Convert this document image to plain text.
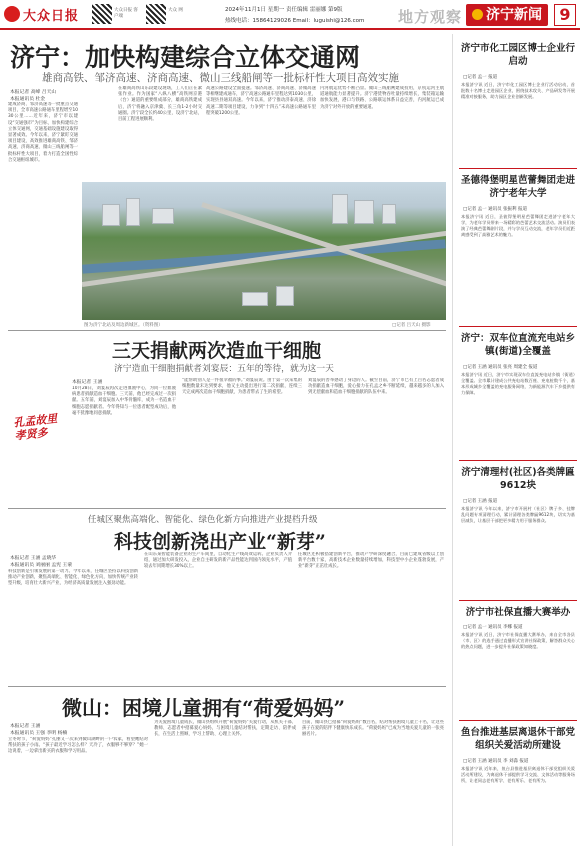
大众日报	大众日报 客户端
大众 网	2024年11月1日 星期一 责任编辑 雷丽娜 第9版
热线电话：15864129026 Email：luguishi@126.com 地方观察	济宁新闻	9
济宁：加快构建综合立体交通网
雄商高铁、邹济高速、济商高速、微山三线船闸等一批标杆性大项目高效实施
本报记者 高峰 吕天山
本报通讯员 杜金
建成济商、邹济高速等一批重点交通项目，全市高速公路通车里程增至1030公里……近年来，济宁市以建设“交通强市”为目标，加快构建综合立体交通网，交通基础设施建设取得显著成效。今年以来，济宁紧盯交通项目建设，高效推进雄商高铁、邹济高速、济商高速、微山三线船闸等一批标杆性大项目，着力打造全国性综合交通枢纽城市。
在雄商高铁山东段建设现场，工人们正在紧张作业。作为国家“八纵八横”高铁网京港（台）通道的重要组成部分，雄商高铁建成后，济宁将融入京津冀、长三角1-2小时交通圈。济宁段全长约40公里，设济宁北站，目前工程进展顺利。
高速公路建设全面提速。邹济高速、济商高速、济微高速等相继建成通车，济宁高速公路通车里程达到1030公里，实现县县通双高速。今年以来，济宁推动济泰高速、济徐高速二期等项目建设，力争到“十四五”末高速公路通车里程突破1200公里。
内河航运优势不断凸显。微山三线船闸建成投用，京杭运河主航道通航能力显著提升。济宁港货物吞吐量持续增长，集装箱运输加快发展，港口与铁路、公路联运体系日益完善，内河航运已成为济宁对外开放的重要通道。
图为济宁北站及周边新城区。（资料图）	□记者 吕天山 摄影
孔孟故里 孝贤多
三天捐献两次造血干细胞
济宁造血干细胞捐献者刘宴辰：五年的等待，就为这一天
本报记者 王涵
10月28日，刘宴辰再次走进血液中心，为同一位血液病患者捐献造血干细胞。三天前，他已经完成过一次捐献。五年前，刘宴辰加入中华骨髓库，成为一名造血干细胞志愿捐献者。今年得知与一位患者配型成功后，他毫不犹豫地同意捐献。
“能帮助别人是一件很幸福的事。”刘宴辰说。由于第一次采集的细胞数量未达到要求，他又主动提出进行第二次捐献，连续三天完成两次造血干细胞捐献，为患者带去了生的希望。
刘宴辰的善举感动了身边的人。截至目前，济宁市已有上百名志愿者成功捐献造血干细胞，爱心接力在孔孟之乡不断延续，越来越多的人加入到无偿献血和造血干细胞捐献的队伍中来。
任城区聚焦高端化、智能化、绿色化新方向推进产业提档升级
科技创新浇出产业“新芽”
本报记者 王涵 孟晓华
本报通讯员 刘丽丽 孟宪 王蒙
科技创新是引领发展的第一动力。今年以来，任城区坚持以科技创新推动产业创新，聚焦高端化、智能化、绿色化方向，加快传统产业转型升级，培育壮大新兴产业，为经济高质量发展注入强劲动能。
在山东某智能装备企业的生产车间里，自动化生产线高效运转。企业负责人介绍，通过加大研发投入，企业自主研发的新产品性能达到国内领先水平，产值较去年同期增长30%以上。
任城区还积极搭建创新平台，推动产学研深度融合，目前已建成省级以上创新平台数十家，高新技术企业数量持续增加，科技型中小企业蓬勃发展，产业“新芽”正茁壮成长。
微山：困境儿童拥有“荷爱妈妈”
本报记者 王涵
本报通讯员 王强 李明 杨楠
立冬时节，“荷爱妈妈”孔丽又一次来到微山湖畔的一户农家，看望她结对帮扶的孩子小雨。“孩子最近学习怎么样？天冷了，衣服够不够穿？”她一边说着，一边拿出新买的衣服和学习用品。
为关爱困境儿童成长，微山县组织开展“荷爱妈妈”关爱行动，从机关干部、教师、志愿者中招募爱心妈妈，与困境儿童结对帮扶，定期走访、陪伴成长，在生活上照顾、学习上帮助、心理上关怀。
目前，微山县已招募“荷爱妈妈”数百名，结对帮扶困境儿童上千名，让这些孩子在爱的陪伴下健康快乐成长。“荷爱妈妈”已成为当地关爱儿童的一张亮丽名片。
济宁市化工园区博士企业行启动
□记者 孟一 报道
本报济宁讯 近日，济宁市化工园区博士企业行活动启动，首批数十名博士走进园区企业，围绕技术攻关、产品研发等开展精准对接服务，助力园区企业创新发展。
圣德得堡明星芭蕾舞团走进济宁老年大学
□记者 孟一 通讯员 张振利 报道
本报济宁讯 近日，圣彼得堡明星芭蕾舞团走进济宁老年大学，为老年学员带来一场精彩的芭蕾艺术交流活动。演员们表演了经典芭蕾舞剧片段，并与学员互动交流，老年学员们近距离感受到了高雅艺术的魅力。
济宁：双车位直流充电站乡镇(街道)全覆盖
□记者 王涵 通讯员 张亮 周建全 报道
本报济宁讯 近日，济宁市实现双车位直流充电站乡镇（街道）全覆盖。全市累计建成公共充电站数百座、充电桩数千个，基本形成城乡全覆盖的充电服务网络，为新能源汽车下乡提供有力保障。
济宁清理村(社区)各类牌匾9612块
□记者 王涵 报道
本报济宁讯 今年以来，济宁市开展村（社区）牌子多、挂牌乱问题专项清理行动，累计清理各类牌匾9612块，切实为基层减负，让基层干部把更多精力用于服务群众。
济宁市社保直播大赛举办
□记者 孟一 通讯员 李娜 报道
本报济宁讯 近日，济宁市社保直播大赛举办，来自全市各县（市、区）的选手通过直播形式宣讲社保政策，解答群众关心的热点问题，进一步提升社保政策知晓度。
鱼台推进基层离退休干部党组织关爱活动所建设
□记者 王涵 通讯员 李 刘淼 报道
本报济宁讯 近年来，鱼台县推进基层离退休干部党组织关爱活动所建设，为离退休干部提供学习交流、文体活动等服务场所，让老同志老有所学、老有所乐、老有所为。
